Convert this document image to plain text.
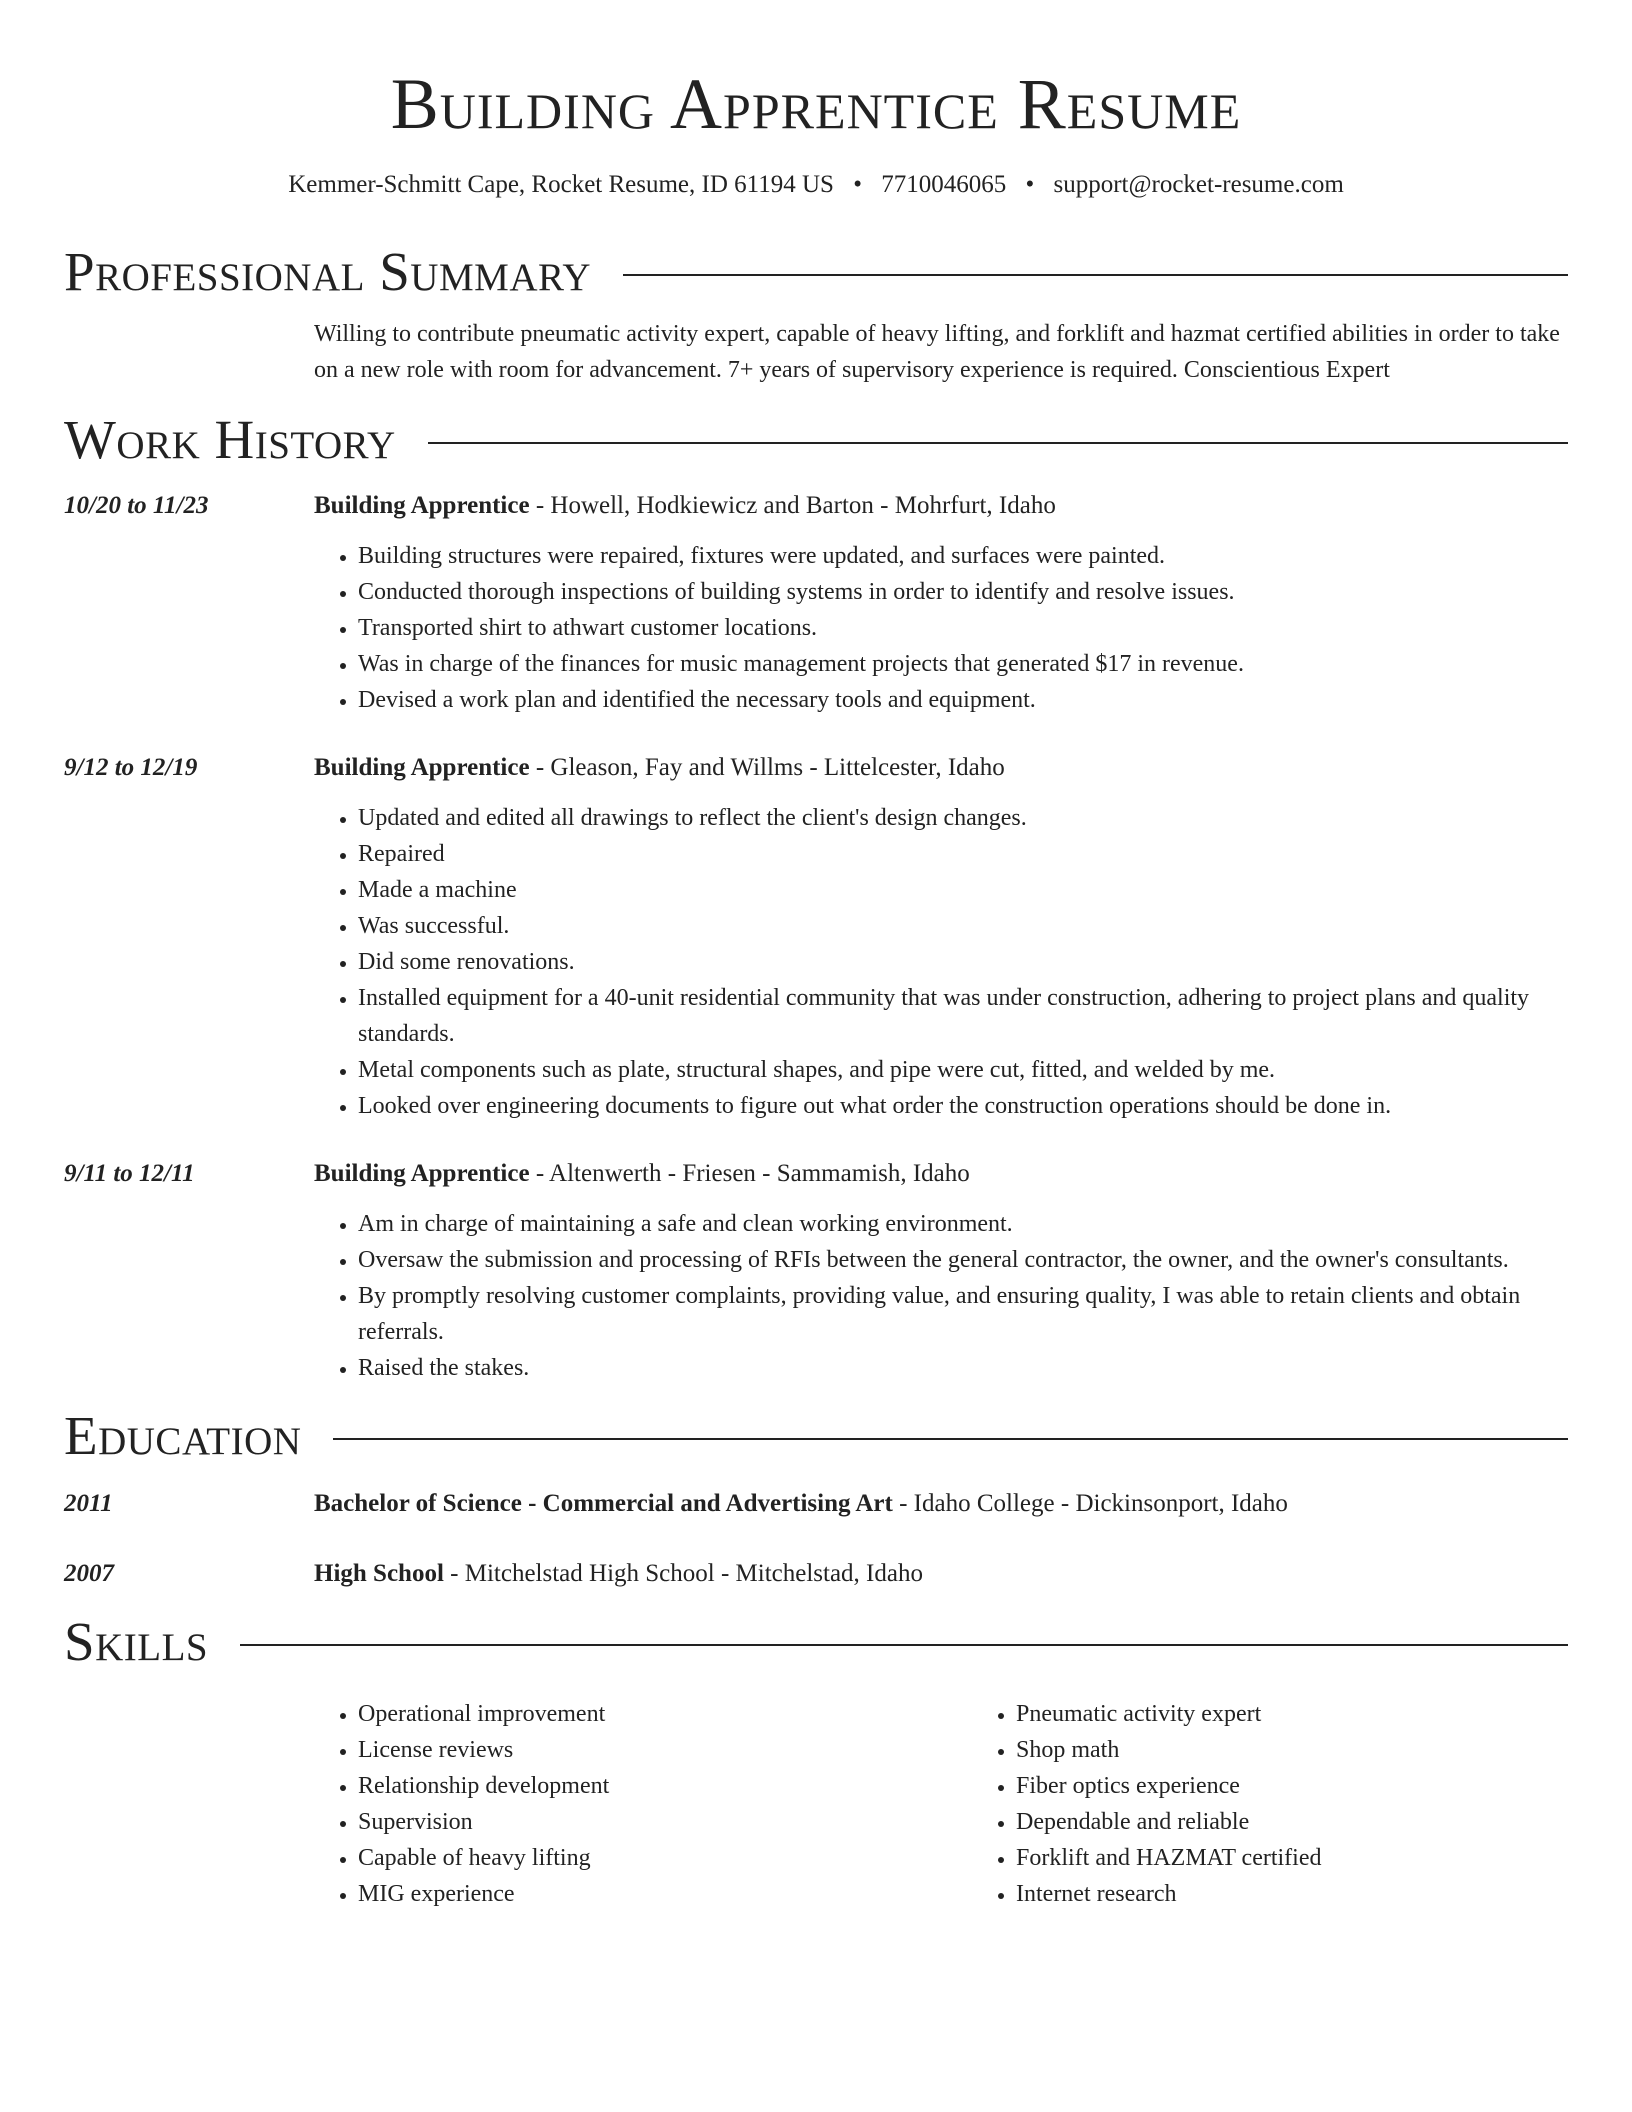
Building Apprentice Resume
Kemmer-Schmitt Cape, Rocket Resume, ID 61194 US • 7710046065 • support@rocket-resume.com
Professional Summary
Willing to contribute pneumatic activity expert, capable of heavy lifting, and forklift and hazmat certified abilities in order to take on a new role with room for advancement. 7+ years of supervisory experience is required. Conscientious Expert
Work History
10/20 to 11/23	Building Apprentice - Howell, Hodkiewicz and Barton - Mohrfurt, Idaho
• Building structures were repaired, fixtures were updated, and surfaces were painted.
• Conducted thorough inspections of building systems in order to identify and resolve issues.
• Transported shirt to athwart customer locations.
• Was in charge of the finances for music management projects that generated $17 in revenue.
• Devised a work plan and identified the necessary tools and equipment.
9/12 to 12/19	Building Apprentice - Gleason, Fay and Willms - Littelcester, Idaho
• Updated and edited all drawings to reflect the client's design changes.
• Repaired
• Made a machine
• Was successful.
• Did some renovations.
• Installed equipment for a 40-unit residential community that was under construction, adhering to project plans and quality standards.
• Metal components such as plate, structural shapes, and pipe were cut, fitted, and welded by me.
• Looked over engineering documents to figure out what order the construction operations should be done in.
9/11 to 12/11	Building Apprentice - Altenwerth - Friesen - Sammamish, Idaho
• Am in charge of maintaining a safe and clean working environment.
• Oversaw the submission and processing of RFIs between the general contractor, the owner, and the owner's consultants.
• By promptly resolving customer complaints, providing value, and ensuring quality, I was able to retain clients and obtain referrals.
• Raised the stakes.
Education
2011	Bachelor of Science - Commercial and Advertising Art - Idaho College - Dickinsonport, Idaho
2007	High School - Mitchelstad High School - Mitchelstad, Idaho
Skills
• Operational improvement
• License reviews
• Relationship development
• Supervision
• Capable of heavy lifting
• MIG experience
• Pneumatic activity expert
• Shop math
• Fiber optics experience
• Dependable and reliable
• Forklift and HAZMAT certified
• Internet research
